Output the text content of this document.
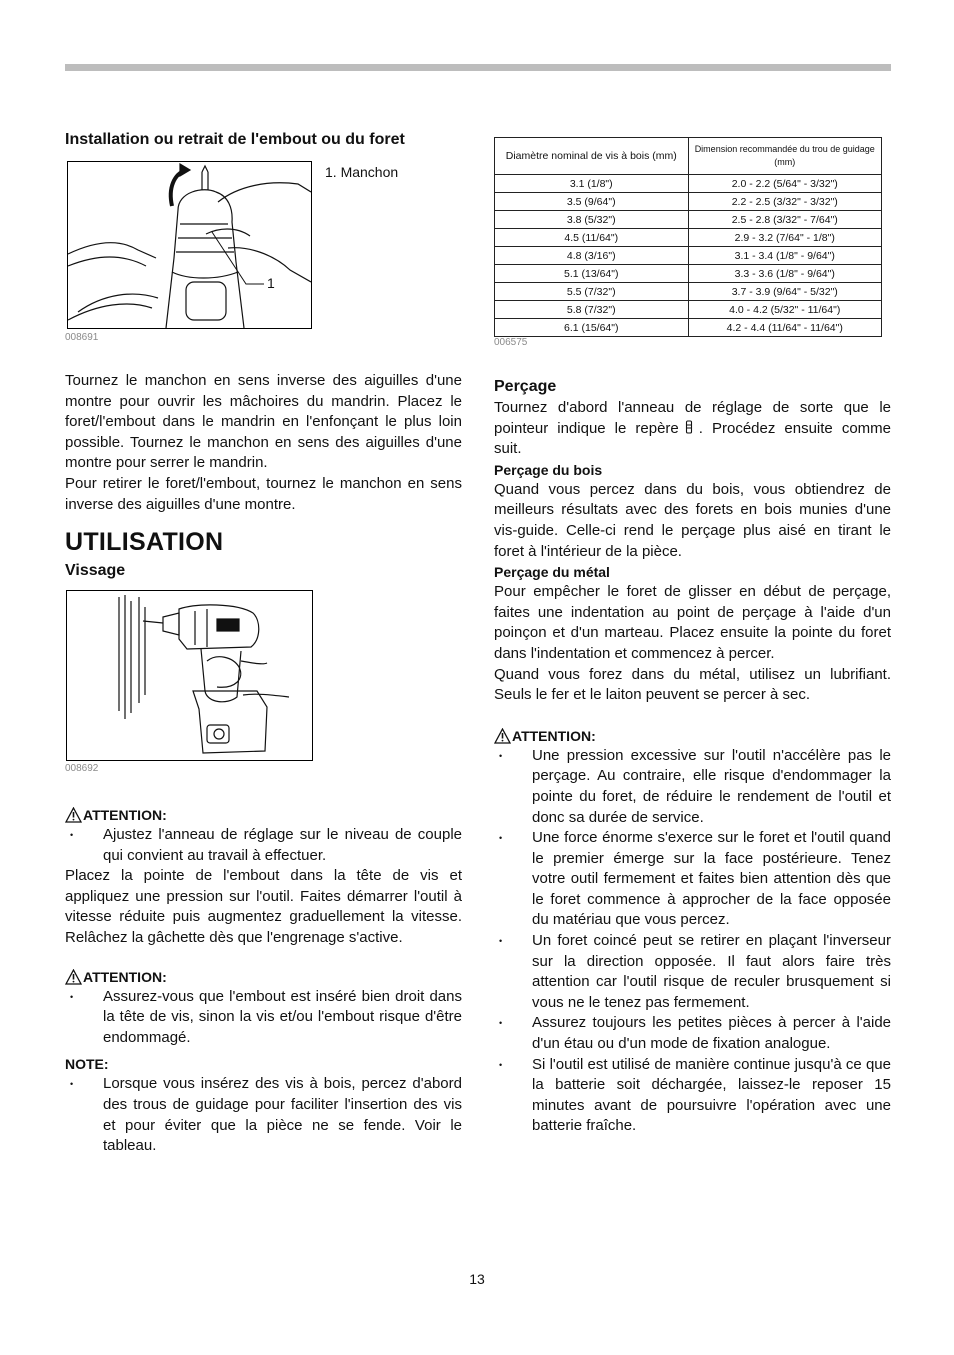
Installation ou retrait de l'embout ou du foret
1. Manchon
1
008691

Tournez le manchon en sens inverse des aiguilles d'une montre pour ouvrir les mâchoires du mandrin. Placez le foret/l'embout dans le mandrin en l'enfonçant le plus loin possible. Tournez le manchon en sens des aiguilles d'une montre pour serrer le mandrin.

Pour retirer le foret/l'embout, tournez le manchon en sens inverse des aiguilles d'une montre.

UTILISATION
Vissage
008692
ATTENTION:
• Ajustez l'anneau de réglage sur le niveau de couple qui convient au travail à effectuer.

Placez la pointe de l'embout dans la tête de vis et appliquez une pression sur l'outil. Faites démarrer l'outil à vitesse réduite puis augmentez graduellement la vitesse. Relâchez la gâchette dès que l'engrenage s'active.

ATTENTION:
• Assurez-vous que l'embout est inséré bien droit dans la tête de vis, sinon la vis et/ou l'embout risque d'être endommagé.

NOTE:

• Lorsque vous insérez des vis à bois, percez d'abord des trous de guidage pour faciliter l'insertion des vis et pour éviter que la pièce ne se fende. Voir le tableau.
Diamètre nominal de vis à bois (mm)	Dimension recommandée du trou de guidage (mm)
3.1 (1/8")	2.0 - 2.2 (5/64" - 3/32")
3.5 (9/64")	2.2 - 2.5 (3/32" - 3/32")
3.8 (5/32")	2.5 - 2.8 (3/32" - 7/64")
4.5 (11/64")	2.9 - 3.2 (7/64" - 1/8")
4.8 (3/16")	3.1 - 3.4 (1/8" - 9/64")
5.1 (13/64")	3.3 - 3.6 (1/8" - 9/64")
5.5 (7/32")	3.7 - 3.9 (9/64" - 5/32")
5.8 (7/32")	4.0 - 4.2 (5/32" - 11/64")
6.1 (15/64")	4.2 - 4.4 (11/64" - 11/64")
006575
Perçage

Tournez d'abord l'anneau de réglage de sorte que le pointeur indique le repère . Procédez ensuite comme suit.

Perçage du bois

Quand vous percez dans du bois, vous obtiendrez de meilleurs résultats avec des forets en bois munies d'une vis-guide. Celle-ci rend le perçage plus aisé en tirant le foret à l'intérieur de la pièce.

Perçage du métal

Pour empêcher le foret de glisser en début de perçage, faites une indentation au point de perçage à l'aide d'un poinçon et d'un marteau. Placez ensuite la pointe du foret dans l'indentation et commencez à percer.

Quand vous forez dans du métal, utilisez un lubrifiant. Seuls le fer et le laiton peuvent se percer à sec.

ATTENTION:
• Une pression excessive sur l'outil n'accélère pas le perçage. Au contraire, elle risque d'endommager la pointe du foret, de réduire le rendement de l'outil et donc sa durée de service.
• Une force énorme s'exerce sur le foret et l'outil quand le premier émerge sur la face postérieure. Tenez votre outil fermement et faites bien attention dès que le foret commence à approcher de la face opposée du matériau que vous percez.
• Un foret coincé peut se retirer en plaçant l'inverseur sur la direction opposée. Il faut alors faire très attention car l'outil risque de reculer brusquement si vous ne le tenez pas fermement.
• Assurez toujours les petites pièces à percer à l'aide d'un étau ou d'un mode de fixation analogue.
• Si l'outil est utilisé de manière continue jusqu'à ce que la batterie soit déchargée, laissez-le reposer 15 minutes avant de poursuivre l'opération avec une batterie fraîche.
13
